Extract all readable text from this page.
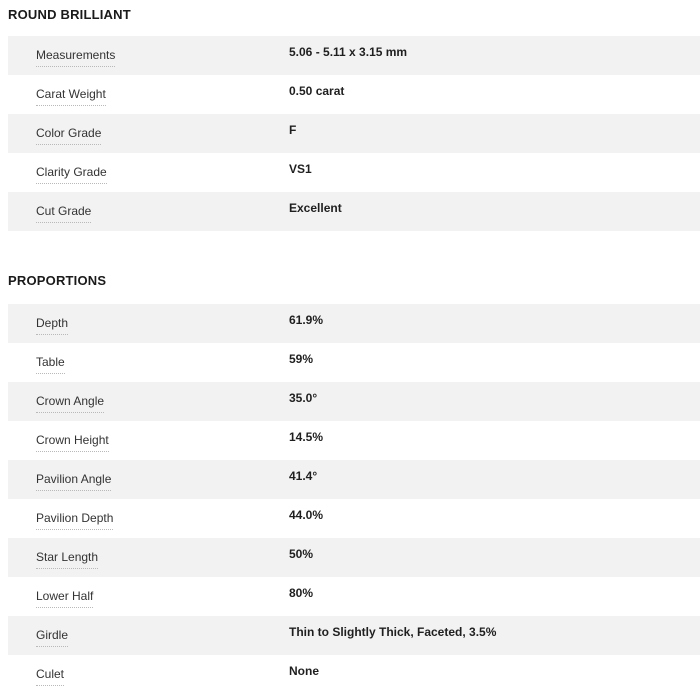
ROUND BRILLIANT
Measurements	5.06 - 5.11 x 3.15 mm
Carat Weight	0.50 carat
Color Grade	F
Clarity Grade	VS1
Cut Grade	Excellent
PROPORTIONS
Depth	61.9%
Table	59%
Crown Angle	35.0°
Crown Height	14.5%
Pavilion Angle	41.4°
Pavilion Depth	44.0%
Star Length	50%
Lower Half	80%
Girdle	Thin to Slightly Thick, Faceted, 3.5%
Culet	None
